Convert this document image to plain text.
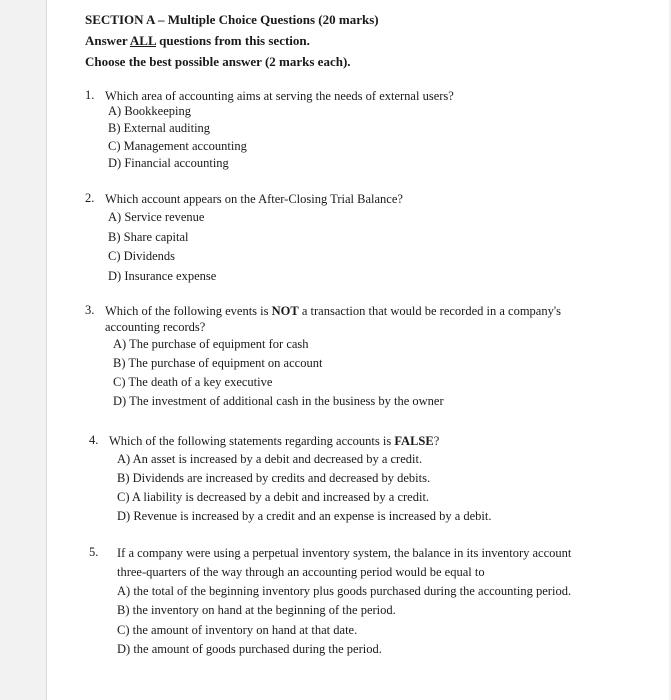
SECTION A – Multiple Choice Questions (20 marks)
Answer ALL questions from this section.
Choose the best possible answer (2 marks each).
1. Which area of accounting aims at serving the needs of external users?
A) Bookkeeping
B) External auditing
C) Management accounting
D) Financial accounting
2. Which account appears on the After-Closing Trial Balance?
A) Service revenue
B) Share capital
C) Dividends
D) Insurance expense
3. Which of the following events is NOT a transaction that would be recorded in a company's
accounting records?
A) The purchase of equipment for cash
B) The purchase of equipment on account
C) The death of a key executive
D) The investment of additional cash in the business by the owner
4. Which of the following statements regarding accounts is FALSE?
A) An asset is increased by a debit and decreased by a credit.
B) Dividends are increased by credits and decreased by debits.
C) A liability is decreased by a debit and increased by a credit.
D) Revenue is increased by a credit and an expense is increased by a debit.
5. If a company were using a perpetual inventory system, the balance in its inventory account
three-quarters of the way through an accounting period would be equal to
A) the total of the beginning inventory plus goods purchased during the accounting period.
B) the inventory on hand at the beginning of the period.
C) the amount of inventory on hand at that date.
D) the amount of goods purchased during the period.
